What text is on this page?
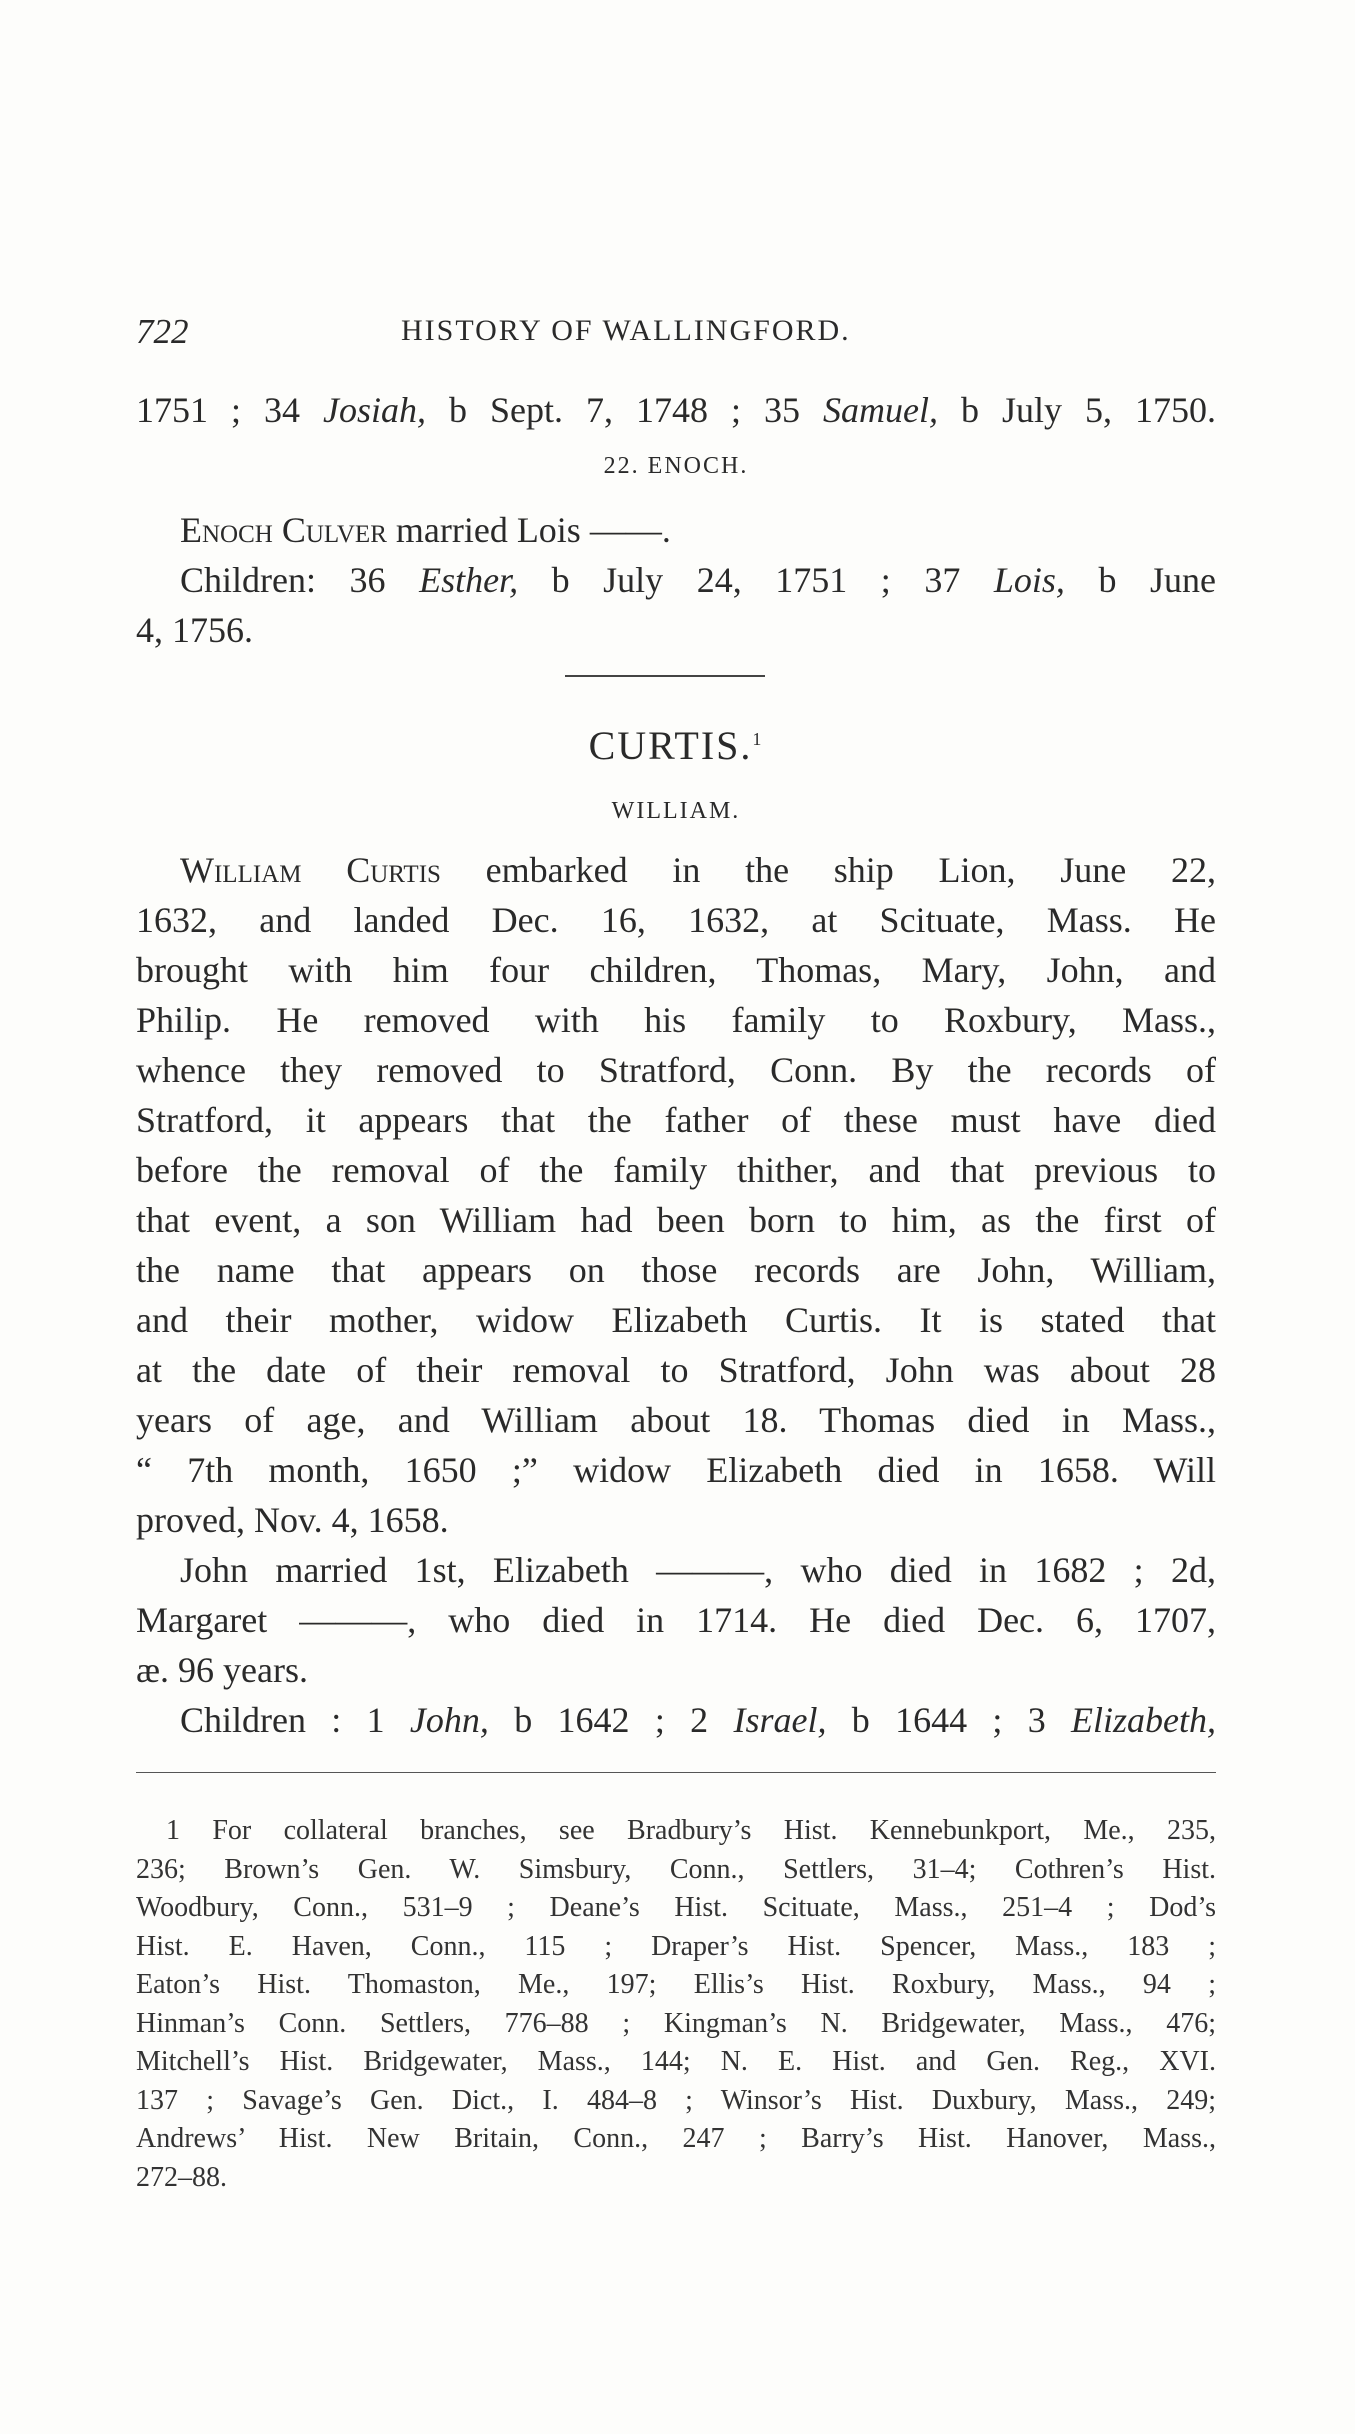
722	HISTORY OF WALLINGFORD.
1751 ; 34 Josiah, b Sept. 7, 1748 ; 35 Samuel, b July 5, 1750.
22. ENOCH.
Enoch Culver married Lois ——.
Children: 36 Esther, b July 24, 1751 ; 37 Lois, b June
4, 1756.
CURTIS.$^1$
WILLIAM.
William Curtis embarked in the ship Lion, June 22,
1632, and landed Dec. 16, 1632, at Scituate, Mass. He
brought with him four children, Thomas, Mary, John, and
Philip. He removed with his family to Roxbury, Mass.,
whence they removed to Stratford, Conn. By the records of
Stratford, it appears that the father of these must have died
before the removal of the family thither, and that previous to
that event, a son William had been born to him, as the first of
the name that appears on those records are John, William,
and their mother, widow Elizabeth Curtis. It is stated that
at the date of their removal to Stratford, John was about 28
years of age, and William about 18. Thomas died in Mass.,
“ 7th month, 1650 ;” widow Elizabeth died in 1658. Will
proved, Nov. 4, 1658.
John married 1st, Elizabeth ———, who died in 1682 ; 2d,
Margaret ———, who died in 1714. He died Dec. 6, 1707,
æ. 96 years.
Children : 1 John, b 1642 ; 2 Israel, b 1644 ; 3 Elizabeth,
1 For collateral branches, see Bradbury’s Hist. Kennebunkport, Me., 235,
236; Brown’s Gen. W. Simsbury, Conn., Settlers, 31–4; Cothren’s Hist.
Woodbury, Conn., 531–9 ; Deane’s Hist. Scituate, Mass., 251–4 ; Dod’s
Hist. E. Haven, Conn., 115 ; Draper’s Hist. Spencer, Mass., 183 ;
Eaton’s Hist. Thomaston, Me., 197; Ellis’s Hist. Roxbury, Mass., 94 ;
Hinman’s Conn. Settlers, 776–88 ; Kingman’s N. Bridgewater, Mass., 476;
Mitchell’s Hist. Bridgewater, Mass., 144; N. E. Hist. and Gen. Reg., XVI.
137 ; Savage’s Gen. Dict., I. 484–8 ; Winsor’s Hist. Duxbury, Mass., 249;
Andrews’ Hist. New Britain, Conn., 247 ; Barry’s Hist. Hanover, Mass.,
272–88.
